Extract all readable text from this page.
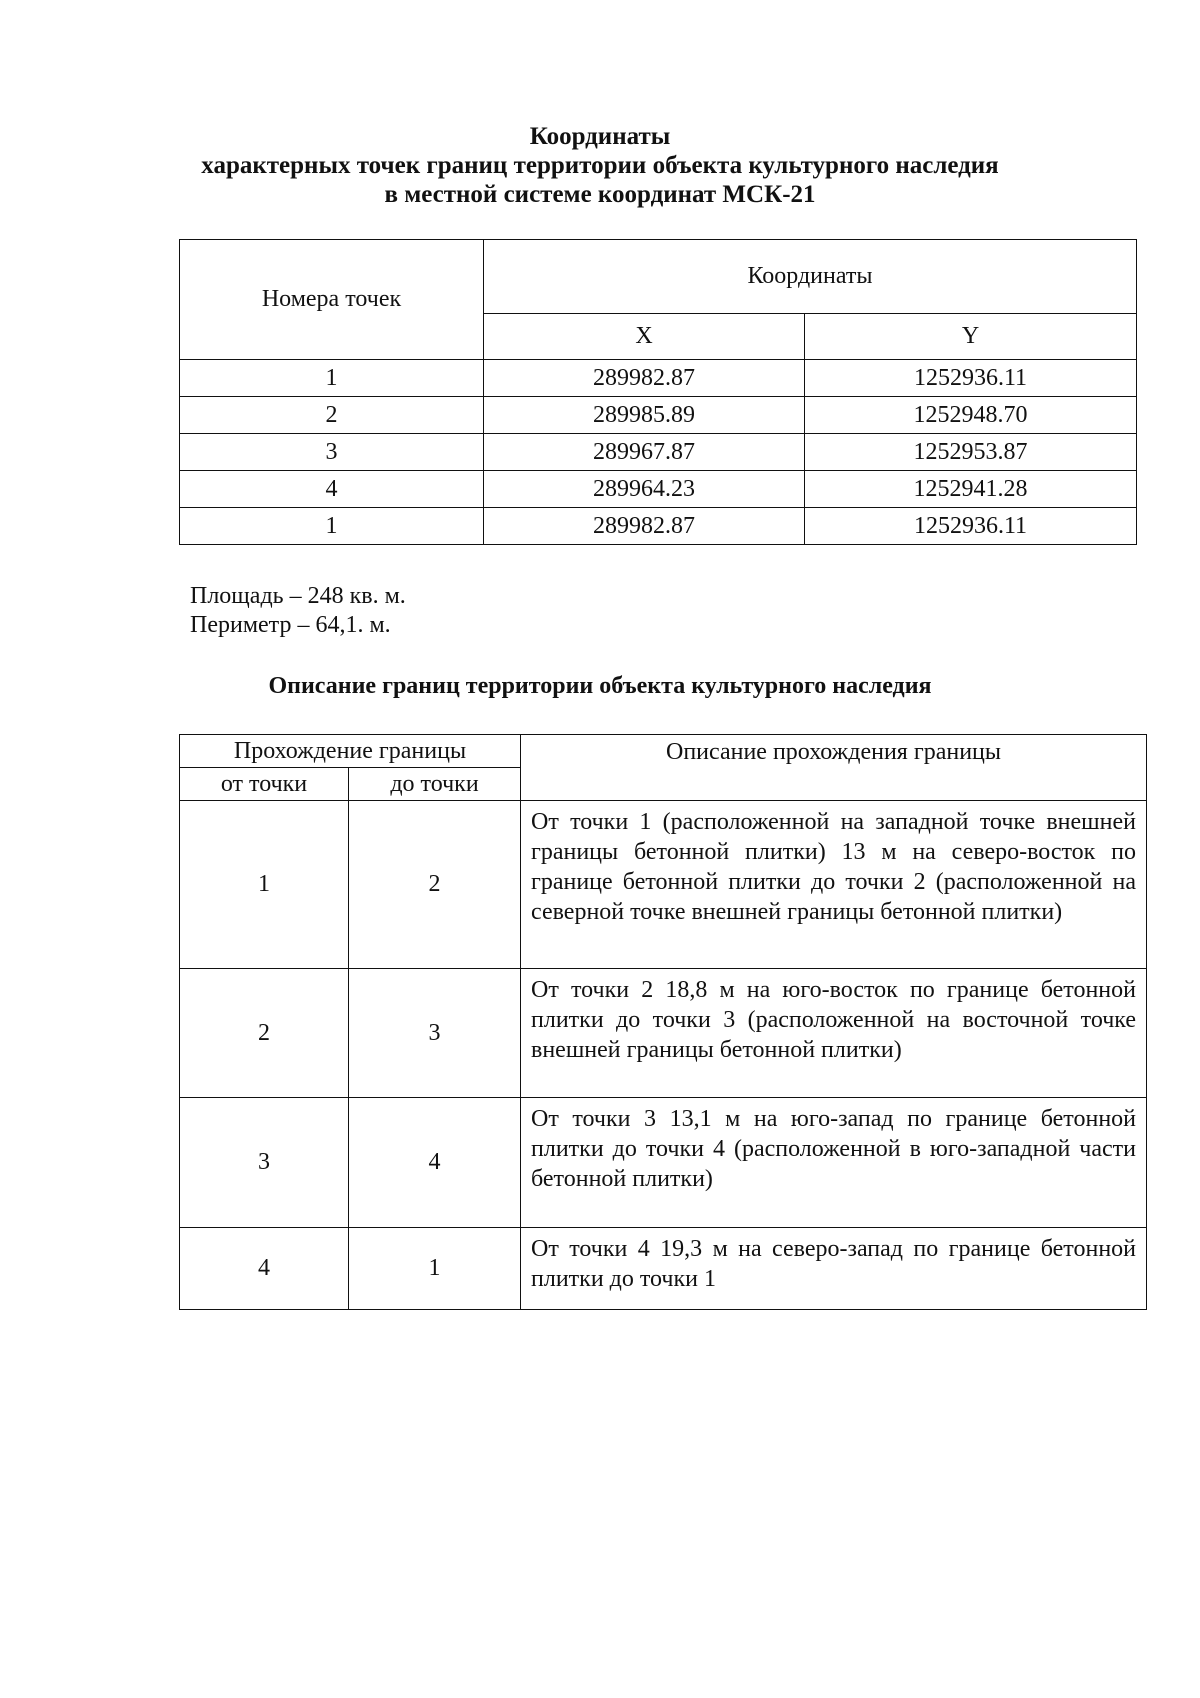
Координаты
характерных точек границ территории объекта культурного наследия
в местной системе координат МСК-21
Номера точек	Координаты	
	X	Y
1	289982.87	1252936.11
2	289985.89	1252948.70
3	289967.87	1252953.87
4	289964.23	1252941.28
1	289982.87	1252936.11
Площадь – 248 кв. м.
Периметр – 64,1. м.
Описание границ территории объекта культурного наследия
Прохождение границы		Описание прохождения границы
от точки	до точки	
1	2	От точки 1 (расположенной на западной точке внешней границы бетонной плитки) 13 м на северо-восток по границе бетонной плитки до точки 2 (расположенной на северной точке внешней границы бетонной плитки)
2	3	От точки 2 18,8 м на юго-восток по границе бетонной плитки до точки 3 (расположенной на восточной точке внешней границы бетонной плитки)
3	4	От точки 3 13,1 м на юго-запад по границе бетонной плитки до точки 4 (расположенной в юго-западной части бетонной плитки)
4	1	От точки 4 19,3 м на северо-запад по границе бетонной плитки до точки 1
